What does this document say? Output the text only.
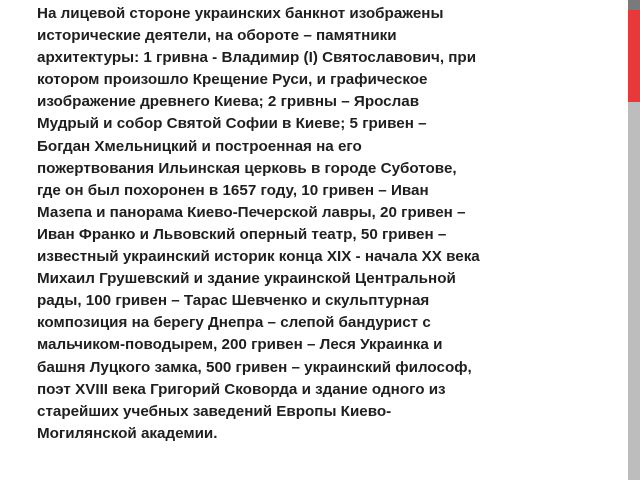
На лицевой стороне украинских банкнот изображены
исторические деятели, на обороте – памятники
архитектуры: 1 гривна - Владимир (I) Святославович, при
котором произошло Крещение Руси, и графическое
изображение древнего Киева; 2 гривны – Ярослав
Мудрый и собор Святой Софии в Киеве; 5 гривен –
Богдан Хмельницкий и построенная на его
пожертвования Ильинская церковь в городе Суботове,
где он был похоронен в 1657 году, 10 гривен – Иван
Мазепа и панорама Киево-Печерской лавры, 20 гривен –
Иван Франко и Львовский оперный театр, 50 гривен –
известный украинский историк конца XIX - начала XX века
Михаил Грушевский и здание украинской Центральной
рады, 100 гривен – Тарас Шевченко и скульптурная
композиция на берегу Днепра – слепой бандурист с
мальчиком-поводырем, 200 гривен – Леся Украинка и
башня Луцкого замка, 500 гривен – украинский философ,
поэт XVIII века Григорий Сковорда и здание одного из
старейших учебных заведений Европы Киево-
Могилянской академии.
